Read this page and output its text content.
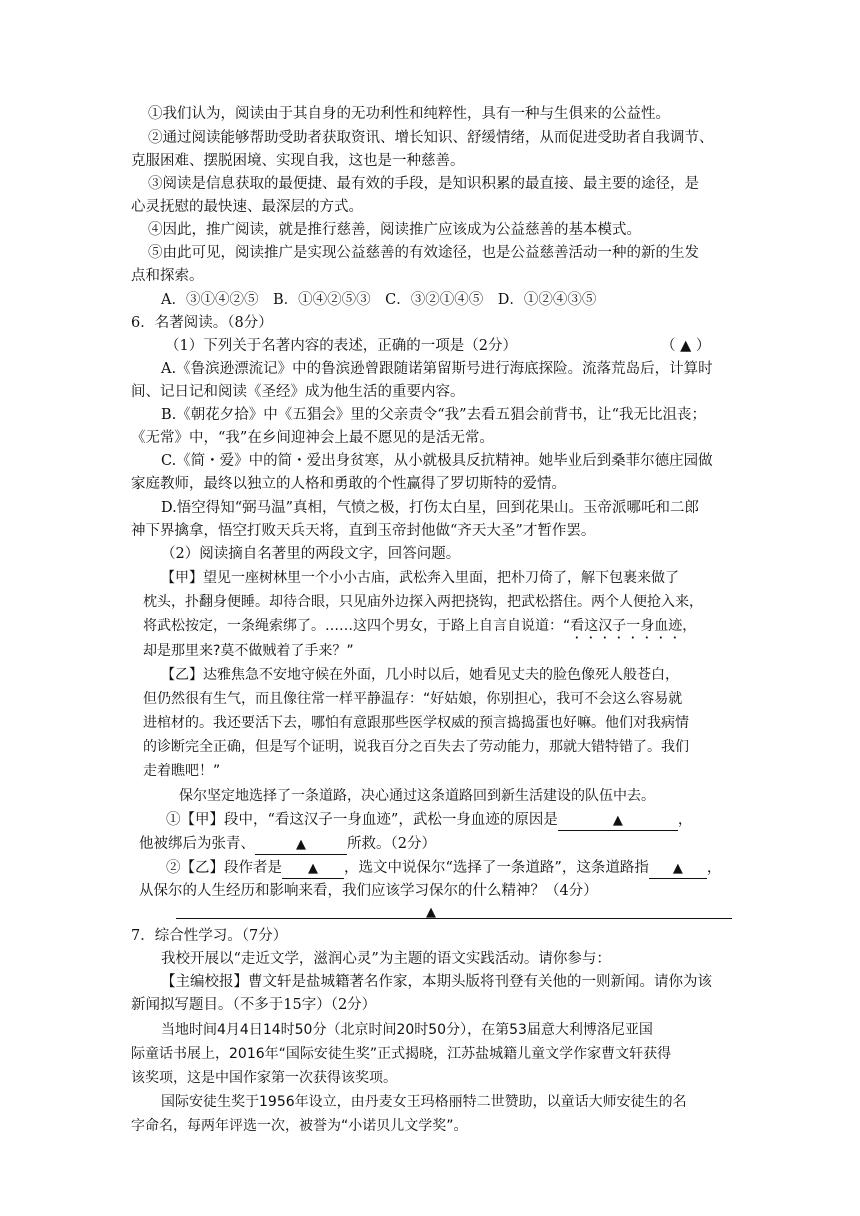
①我们认为，阅读由于其自身的无功利性和纯粹性，具有一种与生俱来的公益性。
②通过阅读能够帮助受助者获取资讯、增长知识、舒缓情绪，从而促进受助者自我调节、
克服困难、摆脱困境、实现自我，这也是一种慈善。
③阅读是信息获取的最便捷、最有效的手段，是知识积累的最直接、最主要的途径，是
心灵抚慰的最快速、最深层的方式。
④因此，推广阅读，就是推行慈善，阅读推广应该成为公益慈善的基本模式。
⑤由此可见，阅读推广是实现公益慈善的有效途径，也是公益慈善活动一种的新的生发
点和探索。
A．③①④②⑤　B．①④②⑤③　C．③②①④⑤　D．①②④③⑤
6．名著阅读。（8分）
（1）下列关于名著内容的表述，正确的一项是（2分）	（ ▲ ）
A.《鲁滨逊漂流记》中的鲁滨逊曾跟随诺第留斯号进行海底探险。流落荒岛后，计算时
间、记日记和阅读《圣经》成为他生活的重要内容。
B.《朝花夕拾》中《五猖会》里的父亲责令“我”去看五猖会前背书，让“我无比沮丧；
《无常》中，“我”在乡间迎神会上最不愿见的是活无常。
C.《简・爱》中的简・爱出身贫寒，从小就极具反抗精神。她毕业后到桑菲尔德庄园做
家庭教师，最终以独立的人格和勇敢的个性赢得了罗切斯特的爱情。
D.悟空得知“弼马温”真相，气愤之极，打伤太白星，回到花果山。玉帝派哪吒和二郎
神下界擒拿，悟空打败天兵天将，直到玉帝封他做“齐天大圣”才暂作罢。
（2）阅读摘自名著里的两段文字，回答问题。
【甲】望见一座树林里一个小小古庙，武松奔入里面，把朴刀倚了，解下包裹来做了
枕头，扑翻身便睡。却待合眼，只见庙外边探入两把挠钩，把武松搭住。两个人便抢入来，
将武松按定，一条绳索绑了。……这四个男女，于路上自言自说道：“看这汉子一身血迹，
却是那里来?莫不做贼着了手来？”
【乙】达雅焦急不安地守候在外面，几小时以后，她看见丈夫的脸色像死人般苍白，
但仍然很有生气，而且像往常一样平静温存：“好姑娘，你别担心，我可不会这么容易就
进棺材的。我还要活下去，哪怕有意跟那些医学权威的预言捣捣蛋也好嘛。他们对我病情
的诊断完全正确，但是写个证明，说我百分之百失去了劳动能力，那就大错特错了。我们
走着瞧吧！”
保尔坚定地选择了一条道路，决心通过这条道路回到新生活建设的队伍中去。
①【甲】段中，“看这汉子一身血迹”，武松一身血迹的原因是	▲	，
他被绑后为张青、	▲	所救。（2分）
②【乙】段作者是 ▲ ，选文中说保尔“选择了一条道路”，这条道路指 ▲ ，
从保尔的人生经历和影响来看，我们应该学习保尔的什么精神？（4分）
▲
7．综合性学习。（7分）
我校开展以“走近文学，滋润心灵”为主题的语文实践活动。请你参与：
【主编校报】曹文轩是盐城籍著名作家，本期头版将刊登有关他的一则新闻。请你为该
新闻拟写题目。（不多于15字）（2分）
当地时间4月4日14时50分（北京时间20时50分），在第53届意大利博洛尼亚国
际童话书展上，2016年“国际安徒生奖”正式揭晓，江苏盐城籍儿童文学作家曹文轩获得
该奖项，这是中国作家第一次获得该奖项。
国际安徒生奖于1956年设立，由丹麦女王玛格丽特二世赞助，以童话大师安徒生的名
字命名，每两年评选一次，被誉为“小诺贝儿文学奖”。
